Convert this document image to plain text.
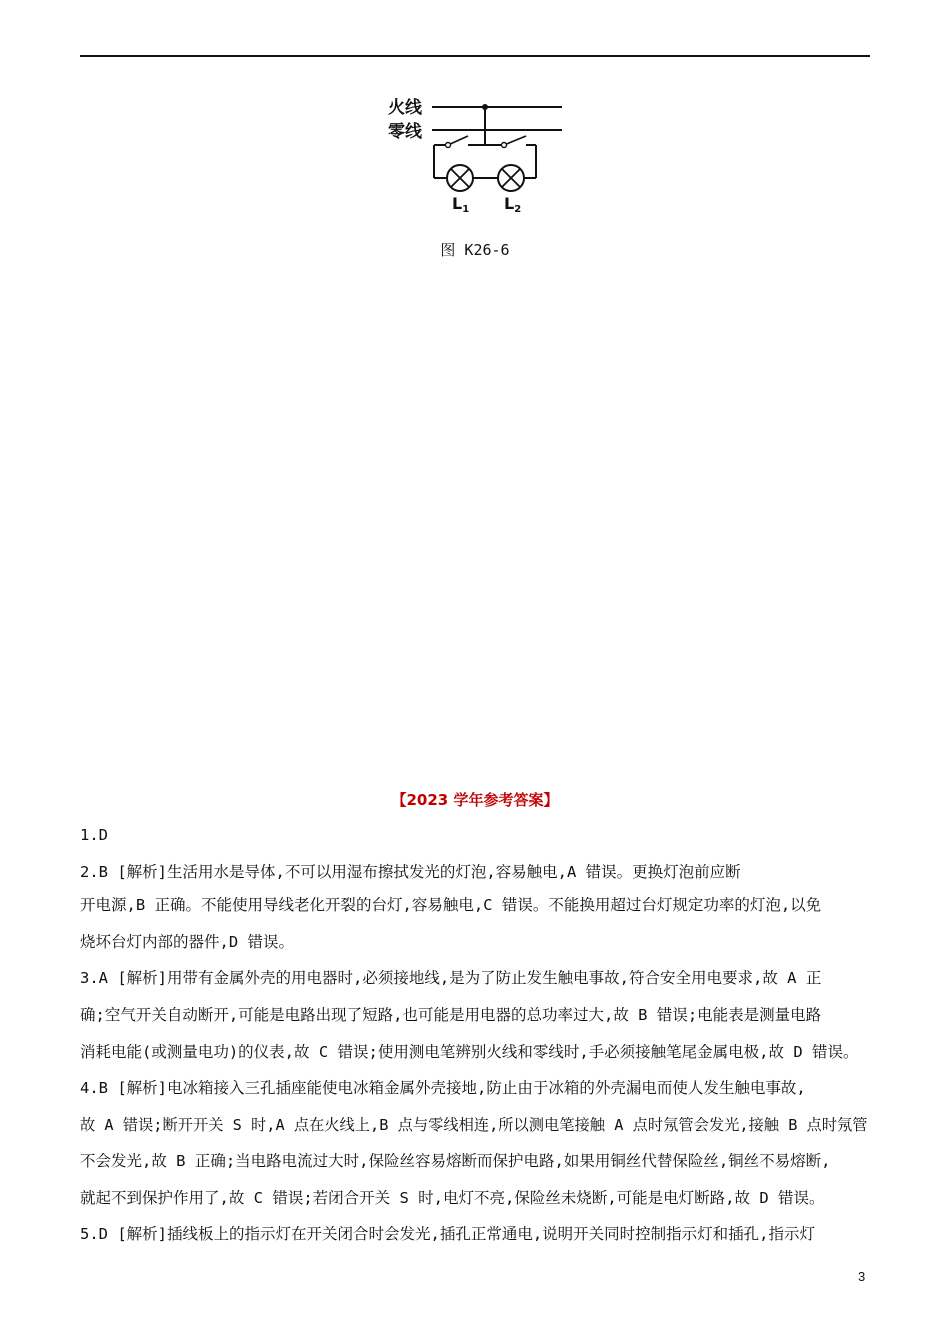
火线
零线
L1 L2
图 K26-6
【2023 学年参考答案】
1.D
2.B [解析]生活用水是导体,不可以用湿布擦拭发光的灯泡,容易触电,A 错误。更换灯泡前应断
开电源,B 正确。不能使用导线老化开裂的台灯,容易触电,C 错误。不能换用超过台灯规定功率的灯泡,以免
烧坏台灯内部的器件,D 错误。
3.A [解析]用带有金属外壳的用电器时,必须接地线,是为了防止发生触电事故,符合安全用电要求,故 A 正
确;空气开关自动断开,可能是电路出现了短路,也可能是用电器的总功率过大,故 B 错误;电能表是测量电路
消耗电能(或测量电功)的仪表,故 C 错误;使用测电笔辨别火线和零线时,手必须接触笔尾金属电极,故 D 错误。
4.B [解析]电冰箱接入三孔插座能使电冰箱金属外壳接地,防止由于冰箱的外壳漏电而使人发生触电事故,
故 A 错误;断开开关 S 时,A 点在火线上,B 点与零线相连,所以测电笔接触 A 点时氖管会发光,接触 B 点时氖管
不会发光,故 B 正确;当电路电流过大时,保险丝容易熔断而保护电路,如果用铜丝代替保险丝,铜丝不易熔断,
就起不到保护作用了,故 C 错误;若闭合开关 S 时,电灯不亮,保险丝未烧断,可能是电灯断路,故 D 错误。
5.D [解析]插线板上的指示灯在开关闭合时会发光,插孔正常通电,说明开关同时控制指示灯和插孔,指示灯
3
